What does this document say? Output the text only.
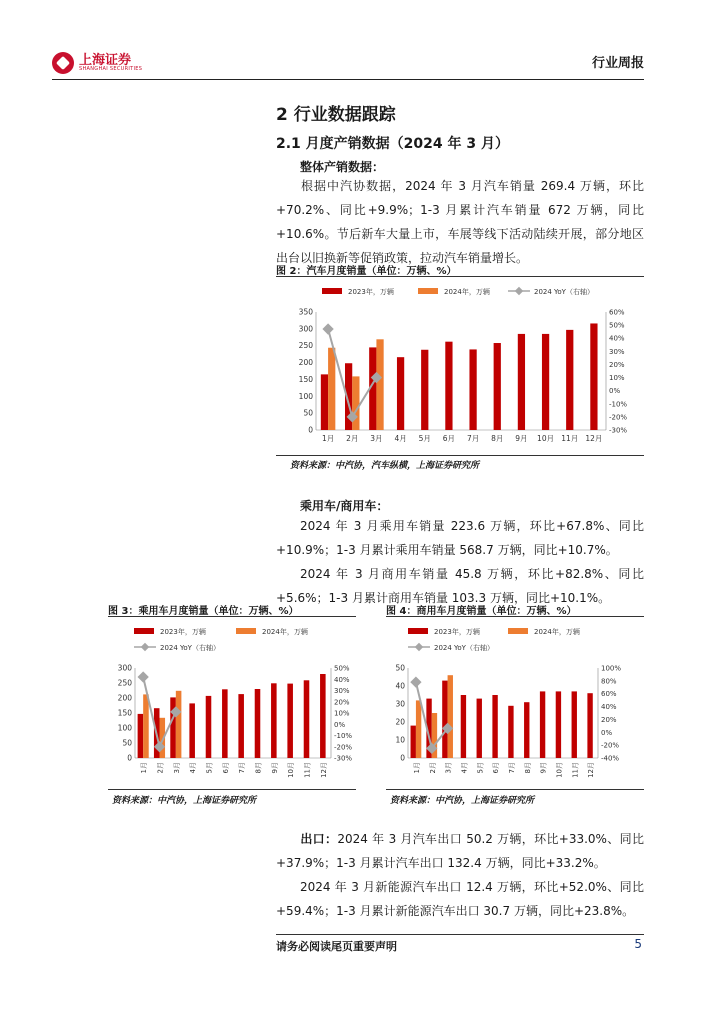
上海证券
SHANGHAI SECURITIES	行业周报
2 行业数据跟踪
2.1 月度产销数据（2024 年 3 月）
整体产销数据：
根据中汽协数据，2024 年 3 月汽车销量 269.4 万辆，环比+70.2%、同比+9.9%；1-3 月累计汽车销量 672 万辆，同比+10.6%。节后新车大量上市，车展等线下活动陆续开展，部分地区出台以旧换新等促销政策，拉动汽车销量增长。
图 2：汽车月度销量（单位：万辆、%）
2023年，万辆	2024年，万辆	2024 YoY（右轴）
0
50
100
150
200
250
300
350
-30%
-20%
-10%
0%
10%
20%
30%
40%
50%
60%
1月 2月 3月 4月 5月 6月 7月 8月 9月 10月 11月 12月
资料来源：中汽协，汽车纵横，上海证券研究所
乘用车/商用车：
2024 年 3 月乘用车销量 223.6 万辆，环比+67.8%、同比+10.9%；1-3 月累计乘用车销量 568.7 万辆，同比+10.7%。
2024 年 3 月商用车销量 45.8 万辆，环比+82.8%、同比+5.6%；1-3 月累计商用车销量 103.3 万辆，同比+10.1%。
图 3：乘用车月度销量（单位：万辆、%）
2023年，万辆	2024年，万辆
2024 YoY（右轴）
0
50
100
150
200
250
300
-30%
-20%
-10%
0%
10%
20%
30%
40%
50%
1月 2月 3月 4月 5月 6月 7月 8月 9月 10月 11月 12月
资料来源：中汽协，上海证券研究所
图 4：商用车月度销量（单位：万辆、%）
2023年，万辆	2024年，万辆
2024 YoY（右轴）
0
10
20
30
40
50
-40%
-20%
0%
20%
40%
60%
80%
100%
1月 2月 3月 4月 5月 6月 7月 8月 9月 10月 11月 12月
资料来源：中汽协，上海证券研究所
出口：2024 年 3 月汽车出口 50.2 万辆，环比+33.0%、同比+37.9%；1-3 月累计汽车出口 132.4 万辆，同比+33.2%。
2024 年 3 月新能源汽车出口 12.4 万辆，环比+52.0%、同比+59.4%；1-3 月累计新能源汽车出口 30.7 万辆，同比+23.8%。
请务必阅读尾页重要声明	5
